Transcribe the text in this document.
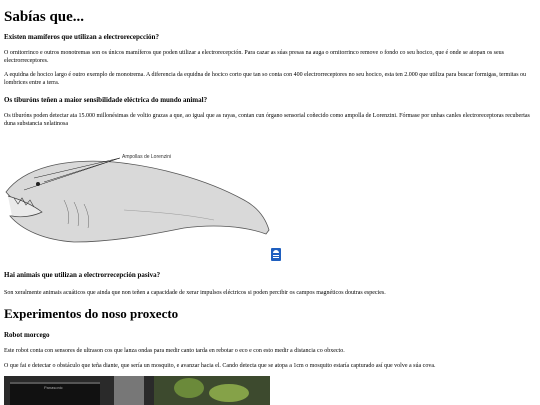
Sabías que...
Existen mamíferos que utilizan a electrorecepcción?

O ornitorrinco e outros monotremas son os únicos mamíferos que poden utilizar a electrorecepción. Para cazar as súas presas na auga o ornitorrinco remove o fondo co seu hocico, que é onde se atopan os seus electrorreceptores.

A equidna de hocico largo é outro exemplo de monotrema. A diferencia da equidna de hocico corto que tan so conta con 400 electrorreceptores no seu hocico, esta ten 2.000 que utiliza para buscar formigas, termitas ou lombrices entre a terra.

Os tiburóns teñen a maior sensibilidade eléctrica do mundo animal?

Os tiburóns poden detectar ata 15.000 millonésimas de voltio grazas a que, ao igual que as rayas, contan cun órgano sensorial coñecido como ampolla de Lorenzini. Fórmase por unhas canles electroreceptoras recubertas duna substancia xelatinosa

Ampollas de Lorenzini
Hai animais que utilizan a electrorrecepción pasiva?

Son xeralmente animais acuáticos que ainda que non teñen a capacidade de xerar impulsos eléctricos si poden percibir os campos magnéticos doutras especies.

Experimentos do noso proxecto
Robot morcego

Este robot conta con sensores de ultrason cos que lanza ondas para medir canto tarda en rebotar o eco e con esto medir a distancia co obxecto.

O que fai e detectar o obstáculo que teña diante, que sería un mosquito, e avanzar hacia el. Cando detecta que se atopa a 1cm o mosquito estaría capturado así que volve a súa cova.

Panasonic
